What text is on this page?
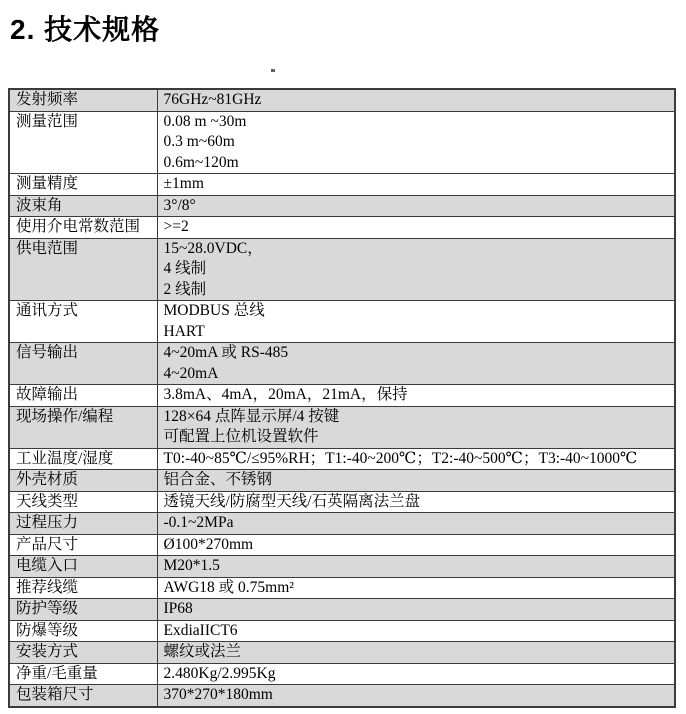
2. 技术规格
发射频率	76GHz~81GHz

测量范围	0.08 m ~30m
0.3 m~60m
0.6m~120m

测量精度	±1mm

波束角	3°/8°

使用介电常数范围	>=2

供电范围	15~28.0VDC，
4 线制
2 线制

通讯方式	MODBUS 总线
HART

信号输出	4~20mA 或 RS-485
4~20mA

故障输出	3.8mA、4mA，20mA，21mA，保持

现场操作/编程	128×64 点阵显示屏/4 按键
可配置上位机设置软件

工业温度/湿度	T0:-40~85℃/≤95%RH；T1:-40~200℃；T2:-40~500℃；T3:-40~1000℃

外壳材质	铝合金、不锈钢

天线类型	透镜天线/防腐型天线/石英隔离法兰盘

过程压力	-0.1~2MPa

产品尺寸	Ø100*270mm

电缆入口	M20*1.5

推荐线缆	AWG18 或 0.75mm²

防护等级	IP68

防爆等级	ExdiaIICT6

安装方式	螺纹或法兰

净重/毛重量	2.480Kg/2.995Kg

包装箱尺寸	370*270*180mm
